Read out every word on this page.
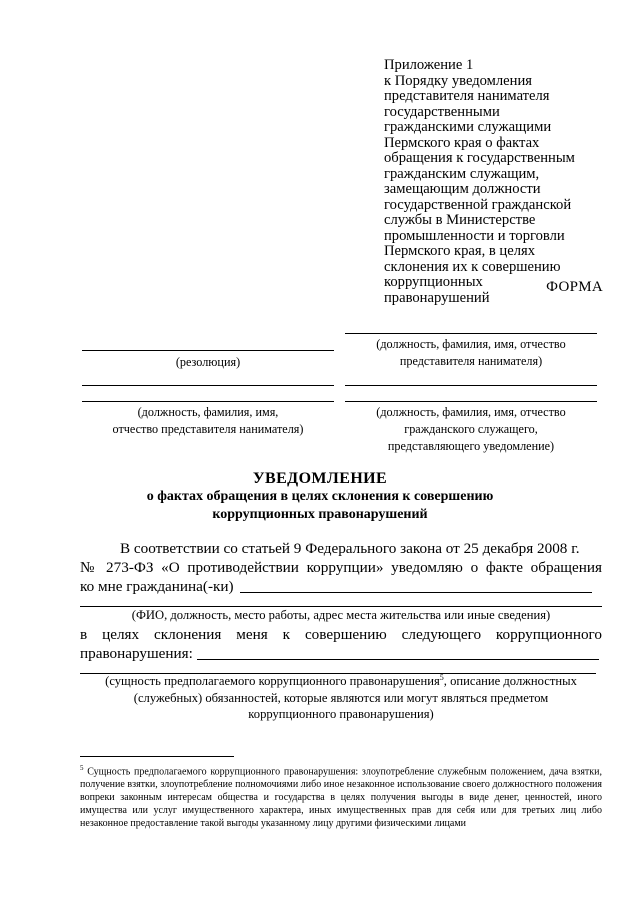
Приложение 1
к Порядку уведомления
представителя нанимателя
государственными
гражданскими служащими
Пермского края о фактах
обращения к государственным
гражданским служащим,
замещающим должности
государственной гражданской
службы в Министерстве
промышленности и торговли
Пермского края, в целях
склонения их к совершению
коррупционных
правонарушений
ФОРМА
(должность, фамилия, имя, отчество
представителя нанимателя)
(резолюция)
(должность, фамилия, имя,
отчество представителя нанимателя)
(должность, фамилия, имя, отчество
гражданского служащего,
представляющего уведомление)
УВЕДОМЛЕНИЕ
о фактах обращения в целях склонения к совершению
коррупционных правонарушений
В соответствии со статьей 9 Федерального закона от 25 декабря 2008 г.
№ 273-ФЗ «О противодействии коррупции» уведомляю о факте обращения
ко мне гражданина(-ки)
(ФИО, должность, место работы, адрес места жительства или иные сведения)
в целях склонения меня к совершению следующего коррупционного
правонарушения:
(сущность предполагаемого коррупционного правонарушения$^5$, описание должностных
(служебных) обязанностей, которые являются или могут являться предметом
коррупционного правонарушения)
$^5$ Сущность предполагаемого коррупционного правонарушения: злоупотребление служебным положением, дача взятки, получение взятки, злоупотребление полномочиями либо иное незаконное использование своего должностного положения вопреки законным интересам общества и государства в целях получения выгоды в виде денег, ценностей, иного имущества или услуг имущественного характера, иных имущественных прав для себя или для третьих лиц либо незаконное предоставление такой выгоды указанному лицу другими физическими лицами
